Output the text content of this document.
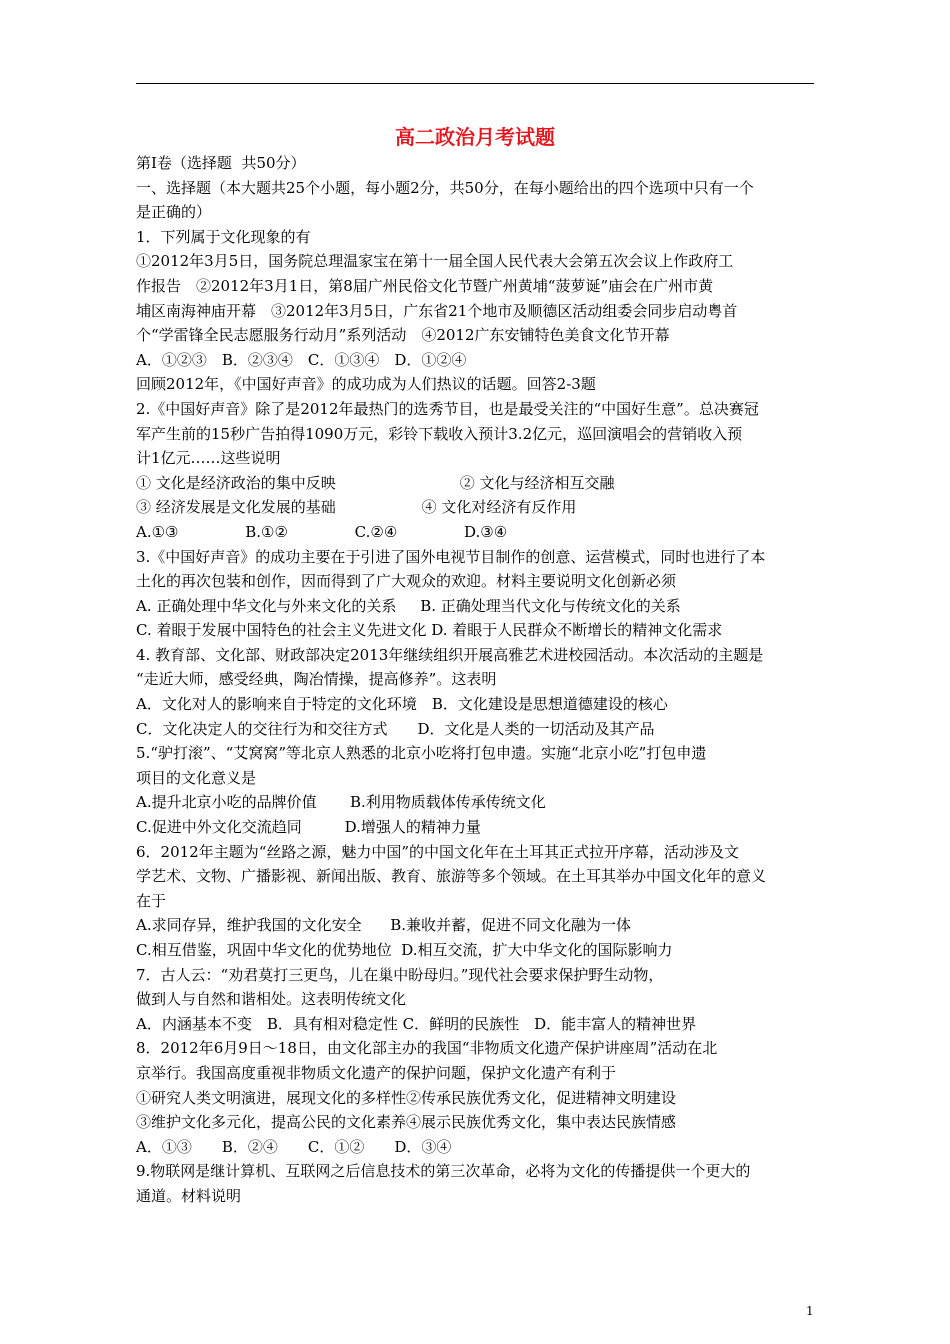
高二政治月考试题

第Ⅰ卷（选择题  共50分）

一、选择题（本大题共25个小题，每小题2分，共50分，在每小题给出的四个选项中只有一个

是正确的）

1．下列属于文化现象的有

①2012年3月5日，国务院总理温家宝在第十一届全国人民代表大会第五次会议上作政府工

作报告　②2012年3月1日，第8届广州民俗文化节暨广州黄埔“菠萝诞”庙会在广州市黄

埔区南海神庙开幕　③2012年3月5日，广东省21个地市及顺德区活动组委会同步启动粤首

个“学雷锋全民志愿服务行动月”系列活动　④2012广东安铺特色美食文化节开幕

A．①②③　B．②③④　C．①③④　D．①②④

回顾2012年，《中国好声音》的成功成为人们热议的话题。回答2-3题

2.《中国好声音》除了是2012年最热门的选秀节目，也是最受关注的“中国好生意”。总决赛冠

军产生前的15秒广告拍得1090万元，彩铃下载收入预计3.2亿元，巡回演唱会的营销收入预

计1亿元……这些说明

① 文化是经济政治的集中反映                          ② 文化与经济相互交融

③ 经济发展是文化发展的基础                  ④ 文化对经济有反作用

A.①③              B.①②              C.②④              D.③④

3.《中国好声音》的成功主要在于引进了国外电视节目制作的创意、运营模式，同时也进行了本

土化的再次包装和创作，因而得到了广大观众的欢迎。材料主要说明文化创新必须

A. 正确处理中华文化与外来文化的关系     B. 正确处理当代文化与传统文化的关系

C. 着眼于发展中国特色的社会主义先进文化 D. 着眼于人民群众不断增长的精神文化需求

4. 教育部、文化部、财政部决定2013年继续组织开展高雅艺术进校园活动。本次活动的主题是

“走近大师，感受经典，陶冶情操，提高修养”。这表明

A．文化对人的影响来自于特定的文化环境　B．文化建设是思想道德建设的核心

C．文化决定人的交往行为和交往方式　　D．文化是人类的一切活动及其产品

5.“驴打滚”、“艾窝窝”等北京人熟悉的北京小吃将打包申遗。实施“北京小吃”打包申遗

项目的文化意义是

A.提升北京小吃的品牌价值       B.利用物质载体传承传统文化

C.促进中外文化交流趋同         D.增强人的精神力量

6．2012年主题为“丝路之源，魅力中国”的中国文化年在土耳其正式拉开序幕，活动涉及文

学艺术、文物、广播影视、新闻出版、教育、旅游等多个领域。在土耳其举办中国文化年的意义

在于

A.求同存异，维护我国的文化安全      B.兼收并蓄，促进不同文化融为一体

C.相互借鉴，巩固中华文化的优势地位  D.相互交流，扩大中华文化的国际影响力

7．古人云：“劝君莫打三更鸟，儿在巢中盼母归。”现代社会要求保护野生动物，

做到人与自然和谐相处。这表明传统文化

A．内涵基本不变　B．具有相对稳定性 C．鲜明的民族性　D．能丰富人的精神世界

8．2012年6月9日～18日，由文化部主办的我国“非物质文化遗产保护讲座周”活动在北

京举行。我国高度重视非物质文化遗产的保护问题，保护文化遗产有利于

①研究人类文明演进，展现文化的多样性②传承民族优秀文化，促进精神文明建设

③维护文化多元化，提高公民的文化素养④展示民族优秀文化，集中表达民族情感

A．①③　　B．②④　　C．①②　　D．③④

9.物联网是继计算机、互联网之后信息技术的第三次革命，必将为文化的传播提供一个更大的

通道。材料说明

1
